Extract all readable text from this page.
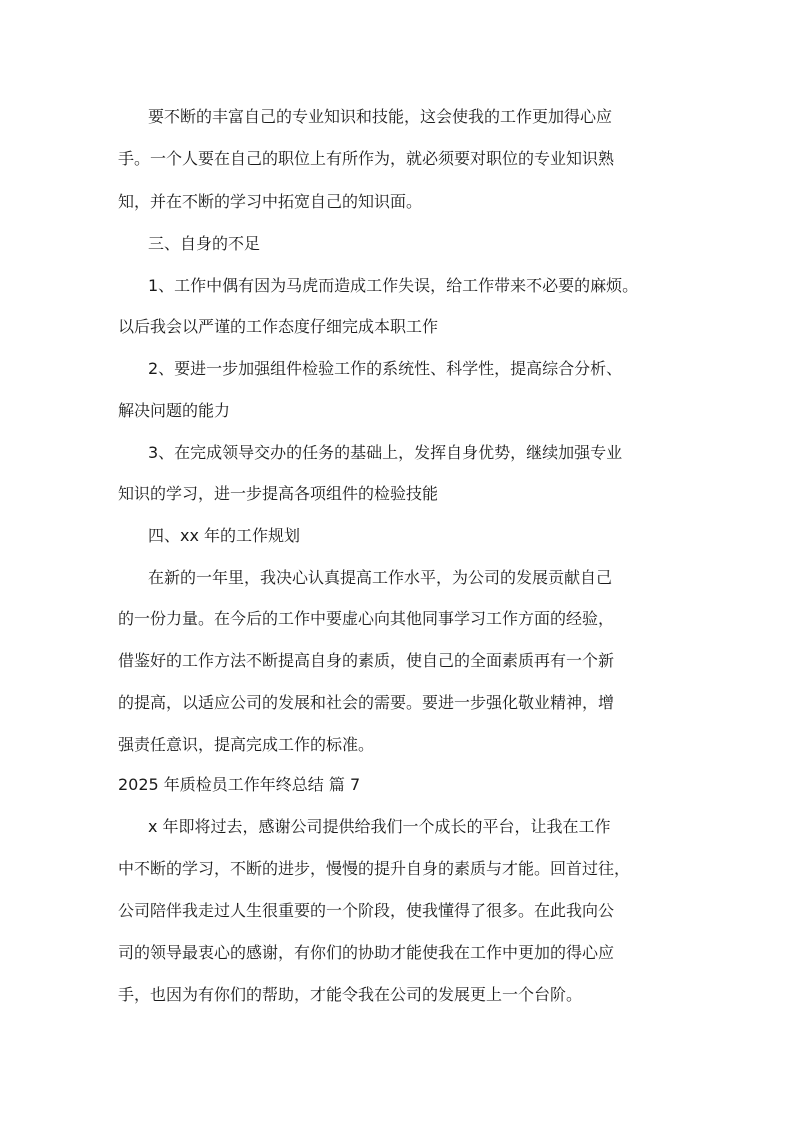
要不断的丰富自己的专业知识和技能，这会使我的工作更加得心应
手。一个人要在自己的职位上有所作为，就必须要对职位的专业知识熟
知，并在不断的学习中拓宽自己的知识面。
三、自身的不足
1、工作中偶有因为马虎而造成工作失误，给工作带来不必要的麻烦。
以后我会以严谨的工作态度仔细完成本职工作
2、要进一步加强组件检验工作的系统性、科学性，提高综合分析、
解决问题的能力
3、在完成领导交办的任务的基础上，发挥自身优势，继续加强专业
知识的学习，进一步提高各项组件的检验技能
四、xx 年的工作规划
在新的一年里，我决心认真提高工作水平，为公司的发展贡献自己
的一份力量。在今后的工作中要虚心向其他同事学习工作方面的经验，
借鉴好的工作方法不断提高自身的素质，使自己的全面素质再有一个新
的提高，以适应公司的发展和社会的需要。要进一步强化敬业精神，增
强责任意识，提高完成工作的标准。
2025 年质检员工作年终总结 篇 7
x 年即将过去，感谢公司提供给我们一个成长的平台，让我在工作
中不断的学习，不断的进步，慢慢的提升自身的素质与才能。回首过往，
公司陪伴我走过人生很重要的一个阶段，使我懂得了很多。在此我向公
司的领导最衷心的感谢，有你们的协助才能使我在工作中更加的得心应
手，也因为有你们的帮助，才能令我在公司的发展更上一个台阶。
